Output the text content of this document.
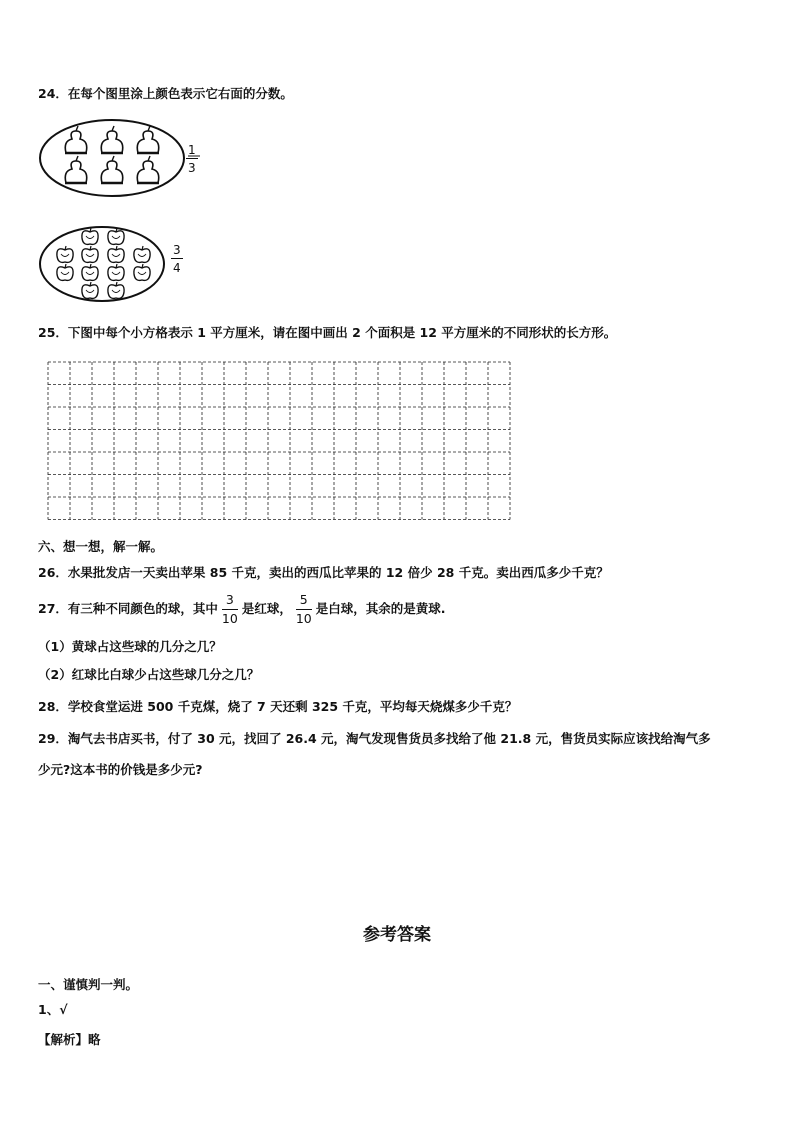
24．在每个图里涂上颜色表示它右面的分数。
$\frac{1}{3}$
$\frac{3}{4}$
25．下图中每个小方格表示 1 平方厘米，请在图中画出 2 个面积是 12 平方厘米的不同形状的长方形。
六、想一想，解一解。
26．水果批发店一天卖出苹果 85 千克，卖出的西瓜比苹果的 12 倍少 28 千克。卖出西瓜多少千克？
27．有三种不同颜色的球，其中 $\frac{3}{10}$ 是红球， $\frac{5}{10}$ 是白球，其余的是黄球.
（1）黄球占这些球的几分之几？
（2）红球比白球少占这些球几分之几？
28．学校食堂运进 500 千克煤，烧了 7 天还剩 325 千克，平均每天烧煤多少千克？
29．淘气去书店买书，付了 30 元，找回了 26.4 元，淘气发现售货员多找给了他 21.8 元，售货员实际应该找给淘气多
少元?这本书的价钱是多少元?
参考答案
一、谨慎判一判。
1、√
【解析】略
